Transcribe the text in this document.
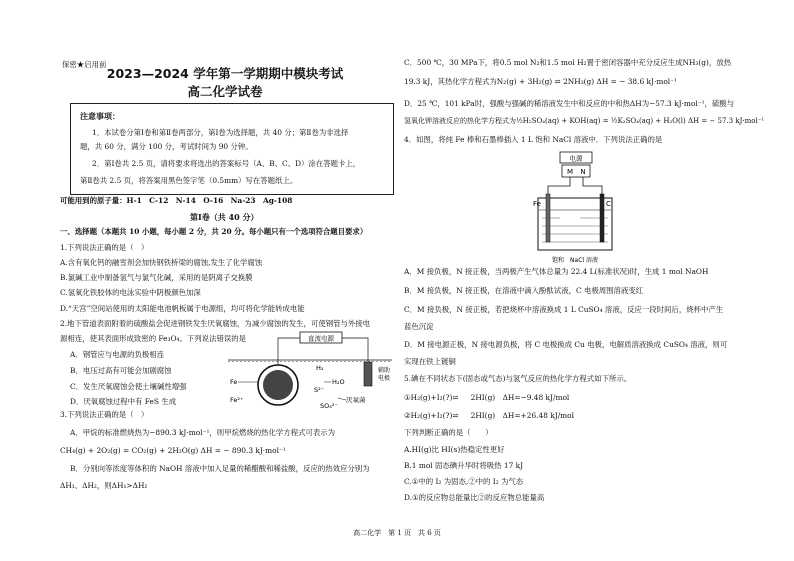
保密★启用前
2023—2024 学年第一学期期中模块考试
高二化学试卷
注意事项：
1．本试卷分第Ⅰ卷和第Ⅱ卷两部分，第Ⅰ卷为选择题，共 40 分；第Ⅱ卷为非选择
题，共 60 分，满分 100 分，考试时间为 90 分钟。
2．第Ⅰ卷共 2.5 页，请将要求将选出的答案标号（A、B、C、D）涂在答题卡上，
第Ⅱ卷共 2.5 页，将答案用黑色签字笔（0.5mm）写在答题纸上。
可能用到的原子量：H-1　C-12　N-14　O-16　Na-23　Ag-108
第Ⅰ卷（共 40 分）
一、选择题（本题共 10 小题，每小题 2 分，共 20 分。每小题只有一个选项符合题目要求）
1.下列说法正确的是（　）
A.含有氧化钙的融雪剂会加快钢铁桥梁的腐蚀,发生了化学腐蚀
B.氯碱工业中制备氢气与氯气化碱，采用的是阴离子交换膜
C.氢氧化铁胶体的电泳实验中阴极颜色加深
D.“天宫”空间站使用的太阳能电池帆板属于电源组，均可将化学能转成电能
2.地下管道表面附着的硫酸盐会促进钢铁发生厌氧腐蚀，为减少腐蚀的发生，可使钢管与外接电
源相连，使其表面形成致密的 Fe₃O₄。下列说法错误的是
A．钢管应与电源的负极相连
B．电压过高有可能会加剧腐蚀
C．发生厌氧腐蚀会使土壤碱性增强
D．厌氧腐蚀过程中有 FeS 生成
3.下列说法正确的是（　）
A．甲烷的标准燃烧热为−890.3 kJ·mol⁻¹，则甲烷燃烧的热化学方程式可表示为
CH₄(g) + 2O₂(g) = CO₂(g) + 2H₂O(g) ΔH = − 890.3 kJ·mol⁻¹
B．分别向等浓度等体积的 NaOH 溶液中加入足量的稀醋酸和稀盐酸，反应的热效应分别为
ΔH₁、ΔH₂，则ΔH₁>ΔH₂
直流电源
辅助
电极
Fe
Fe²⁺
H₂
H₂O
S²⁻
SO₄²⁻
厌氧菌
C．500 ℃，30 MPa下，将0.5 mol N₂和1.5 mol H₂置于密闭容器中充分反应生成NH₃(g)，放热
19.3 kJ，其热化学方程式为N₂(g) + 3H₂(g) ⇌ 2NH₃(g) ΔH = − 38.6 kJ·mol⁻¹
D．25 ℃，101 kPa时，强酸与强碱的稀溶液发生中和反应的中和热ΔH为−57.3 kJ·mol⁻¹，硫酸与
氢氧化钾溶液反应的热化学方程式为½H₂SO₄(aq) + KOH(aq) = ½K₂SO₄(aq) + H₂O(l) ΔH = − 57.3 kJ·mol⁻¹
4．如图，将纯 Fe 棒和石墨棒插入 1 L 饱和 NaCl 溶液中．下列说法正确的是
A．M 接负极，N 接正极，当两极产生气体总量为 22.4 L(标准状况)时，生成 1 mol NaOH
B．M 接负极，N 接正极，在溶液中滴入酚酞试液，C 电极周围溶液变红
C．M 接负极，N 接正极，若把烧杯中溶液换成 1 L CuSO₄ 溶液，反应一段时间后，烧杯中产生
蓝色沉淀
D．M 接电源正极，N 接电源负极，将 C 电极换成 Cu 电极，电解质溶液换成 CuSO₄ 溶液，则可
实现在铁上镀铜
5.碘在不同状态下(固态或气态)与氢气反应的热化学方程式如下所示。
①H₂(g)+I₂(?)⇌ 　 2HI(g)　ΔH=−9.48 kJ/mol
②H₂(g)+I₂(?)⇌ 　 2HI(g)　ΔH=+26.48 kJ/mol
下列判断正确的是（　　）
A.HI(g)比 HI(s)热稳定性更好
B.1 mol 固态碘升华时将吸热 17 kJ
C.①中的 I₂ 为固态,②中的 I₂ 为气态
D.①的反应物总能量比②的反应物总能量高
电源
M N
Fe	C
饱和　NaCl 溶液
高二化学　第 1 页　共 6 页
